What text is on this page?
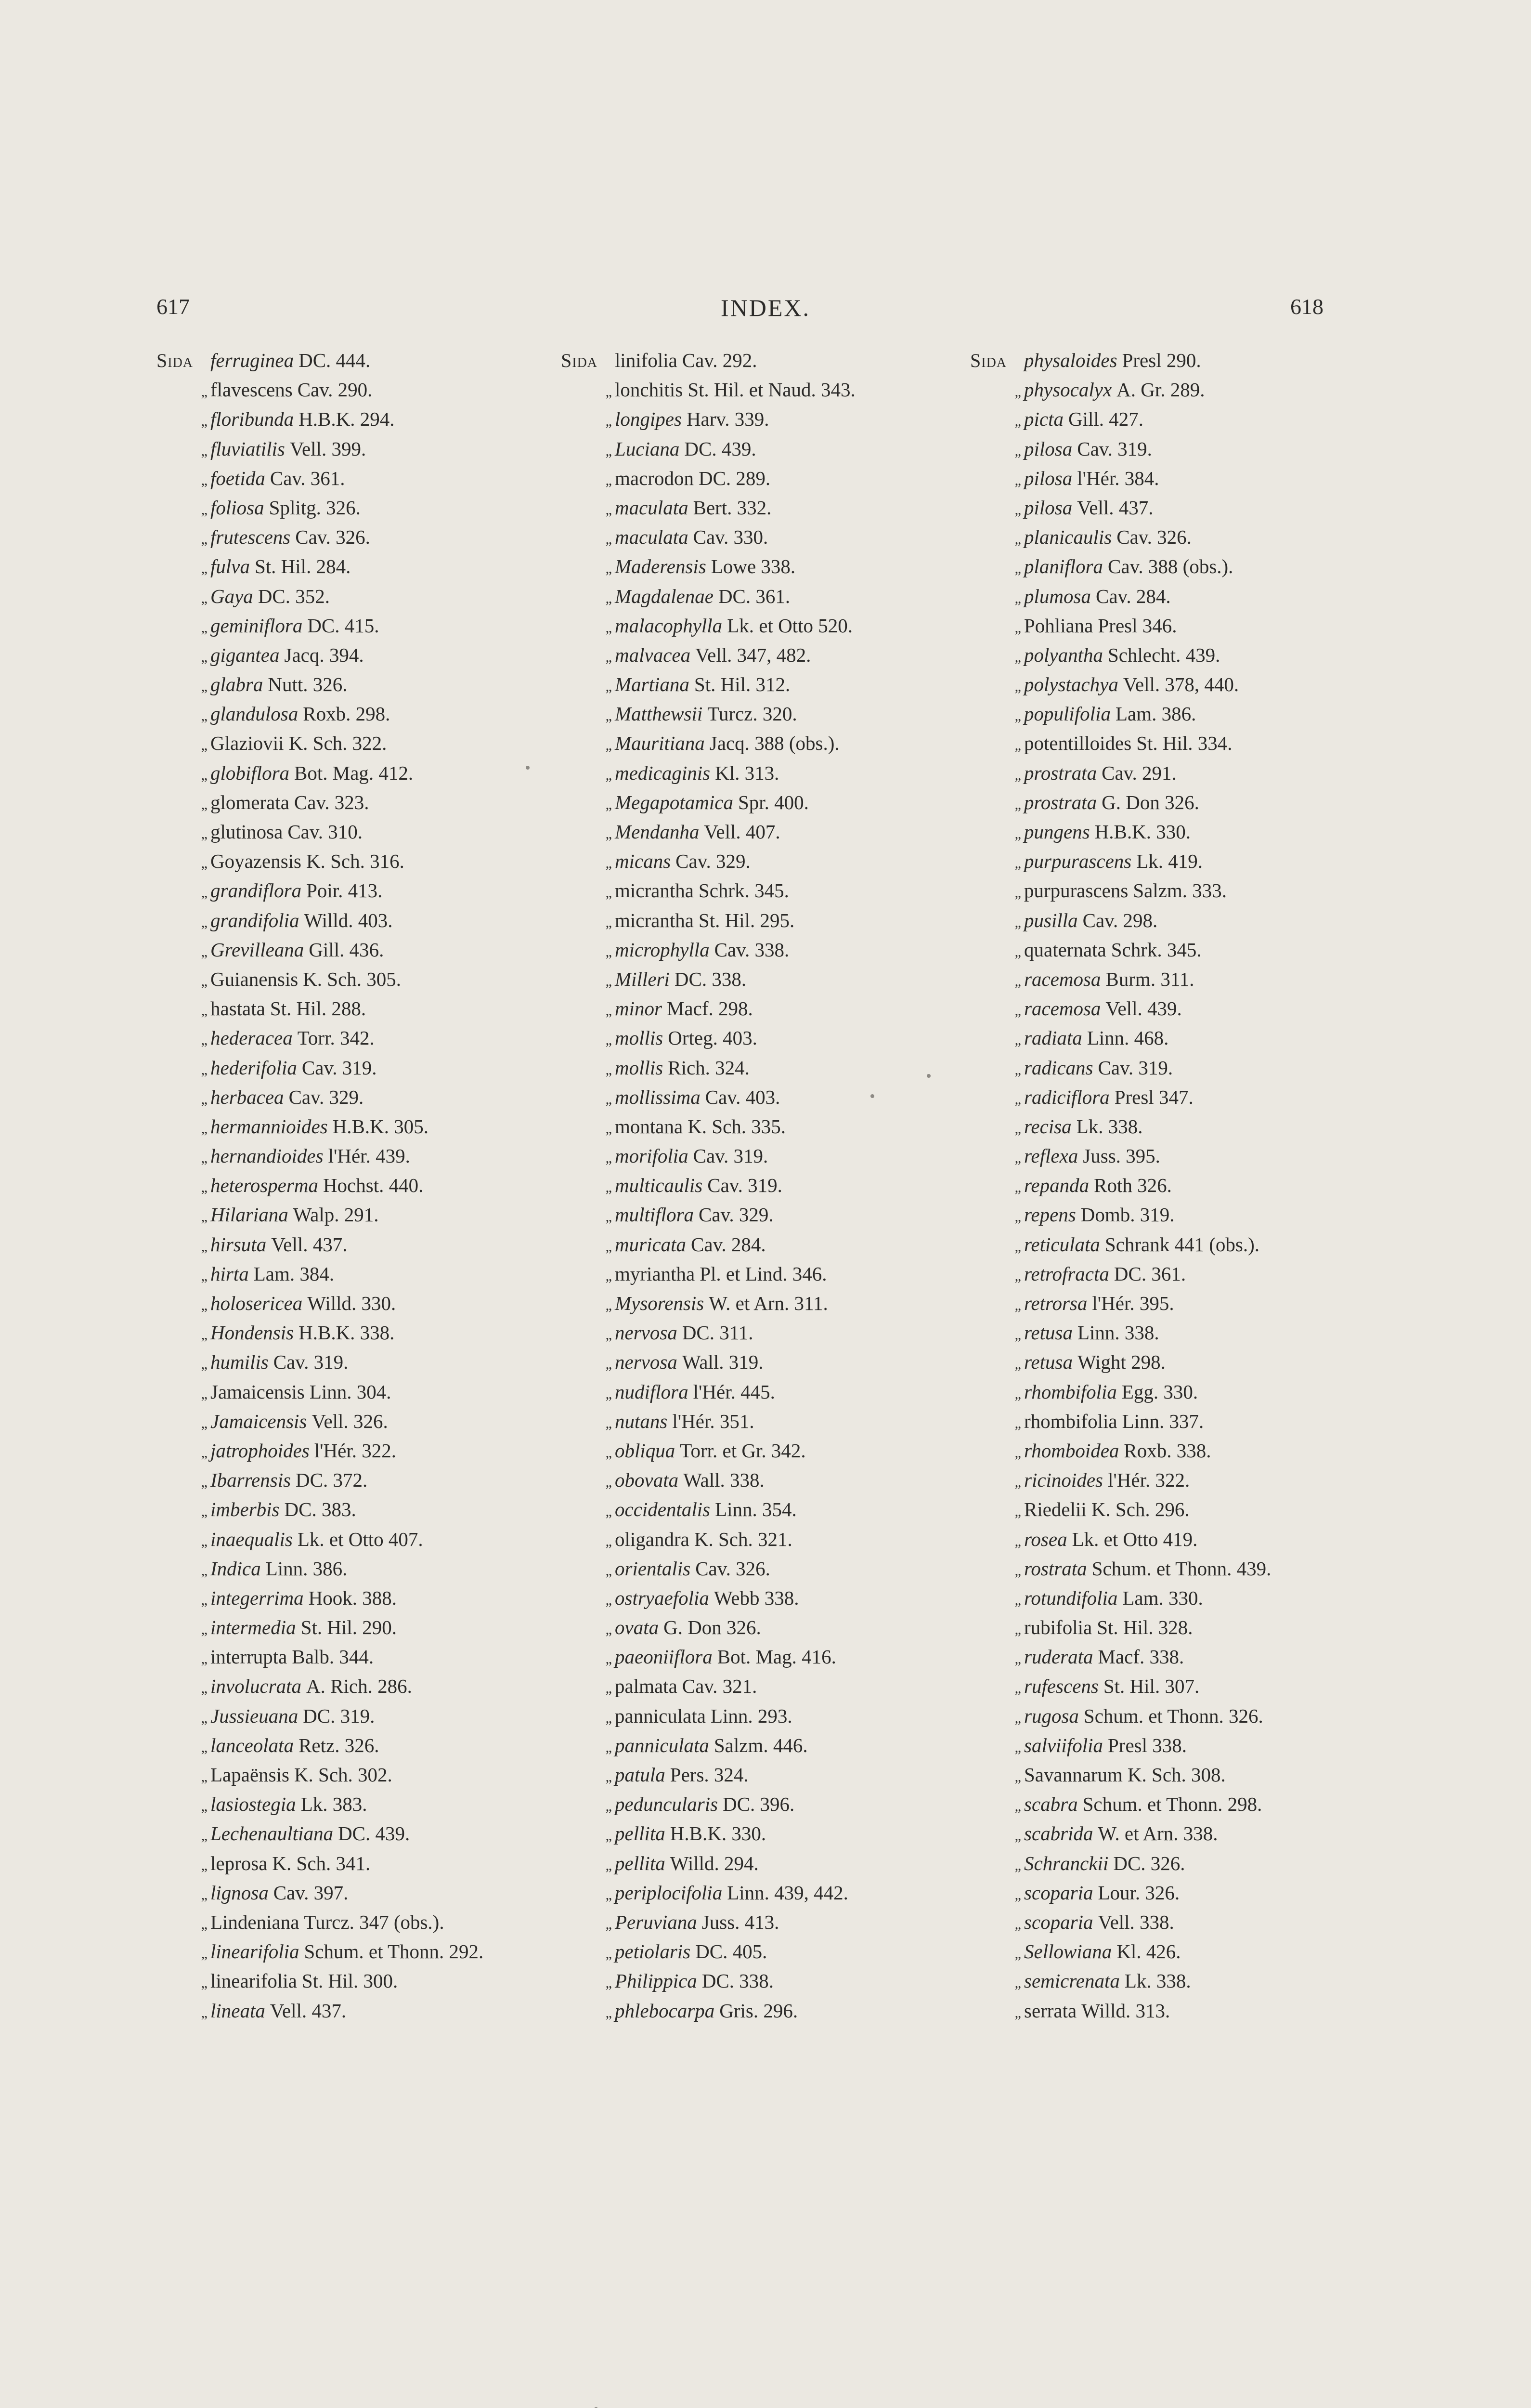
617	INDEX.	618
Sida ferruginea DC. 444.
„ flavescens Cav. 290.
„ floribunda H.B.K. 294.
„ fluviatilis Vell. 399.
„ foetida Cav. 361.
„ foliosa Splitg. 326.
„ frutescens Cav. 326.
„ fulva St. Hil. 284.
„ Gaya DC. 352.
„ geminiflora DC. 415.
„ gigantea Jacq. 394.
„ glabra Nutt. 326.
„ glandulosa Roxb. 298.
„ Glaziovii K. Sch. 322.
„ globiflora Bot. Mag. 412.
„ glomerata Cav. 323.
„ glutinosa Cav. 310.
„ Goyazensis K. Sch. 316.
„ grandiflora Poir. 413.
„ grandifolia Willd. 403.
„ Grevilleana Gill. 436.
„ Guianensis K. Sch. 305.
„ hastata St. Hil. 288.
„ hederacea Torr. 342.
„ hederifolia Cav. 319.
„ herbacea Cav. 329.
„ hermannioides H.B.K. 305.
„ hernandioides l'Hér. 439.
„ heterosperma Hochst. 440.
„ Hilariana Walp. 291.
„ hirsuta Vell. 437.
„ hirta Lam. 384.
„ holosericea Willd. 330.
„ Hondensis H.B.K. 338.
„ humilis Cav. 319.
„ Jamaicensis Linn. 304.
„ Jamaicensis Vell. 326.
„ jatrophoides l'Hér. 322.
„ Ibarrensis DC. 372.
„ imberbis DC. 383.
„ inaequalis Lk. et Otto 407.
„ Indica Linn. 386.
„ integerrima Hook. 388.
„ intermedia St. Hil. 290.
„ interrupta Balb. 344.
„ involucrata A. Rich. 286.
„ Jussieuana DC. 319.
„ lanceolata Retz. 326.
„ Lapaënsis K. Sch. 302.
„ lasiostegia Lk. 383.
„ Lechenaultiana DC. 439.
„ leprosa K. Sch. 341.
„ lignosa Cav. 397.
„ Lindeniana Turcz. 347 (obs.).
„ linearifolia Schum. et Thonn. 292.
„ linearifolia St. Hil. 300.
„ lineata Vell. 437.
Sida linifolia Cav. 292.
„ lonchitis St. Hil. et Naud. 343.
„ longipes Harv. 339.
„ Luciana DC. 439.
„ macrodon DC. 289.
„ maculata Bert. 332.
„ maculata Cav. 330.
„ Maderensis Lowe 338.
„ Magdalenae DC. 361.
„ malacophylla Lk. et Otto 520.
„ malvacea Vell. 347, 482.
„ Martiana St. Hil. 312.
„ Matthewsii Turcz. 320.
„ Mauritiana Jacq. 388 (obs.).
„ medicaginis Kl. 313.
„ Megapotamica Spr. 400.
„ Mendanha Vell. 407.
„ micans Cav. 329.
„ micrantha Schrk. 345.
„ micrantha St. Hil. 295.
„ microphylla Cav. 338.
„ Milleri DC. 338.
„ minor Macf. 298.
„ mollis Orteg. 403.
„ mollis Rich. 324.
„ mollissima Cav. 403.
„ montana K. Sch. 335.
„ morifolia Cav. 319.
„ multicaulis Cav. 319.
„ multiflora Cav. 329.
„ muricata Cav. 284.
„ myriantha Pl. et Lind. 346.
„ Mysorensis W. et Arn. 311.
„ nervosa DC. 311.
„ nervosa Wall. 319.
„ nudiflora l'Hér. 445.
„ nutans l'Hér. 351.
„ obliqua Torr. et Gr. 342.
„ obovata Wall. 338.
„ occidentalis Linn. 354.
„ oligandra K. Sch. 321.
„ orientalis Cav. 326.
„ ostryaefolia Webb 338.
„ ovata G. Don 326.
„ paeoniiflora Bot. Mag. 416.
„ palmata Cav. 321.
„ panniculata Linn. 293.
„ panniculata Salzm. 446.
„ patula Pers. 324.
„ peduncularis DC. 396.
„ pellita H.B.K. 330.
„ pellita Willd. 294.
„ periplocifolia Linn. 439, 442.
„ Peruviana Juss. 413.
„ petiolaris DC. 405.
„ Philippica DC. 338.
„ phlebocarpa Gris. 296.
Sida physaloides Presl 290.
„ physocalyx A. Gr. 289.
„ picta Gill. 427.
„ pilosa Cav. 319.
„ pilosa l'Hér. 384.
„ pilosa Vell. 437.
„ planicaulis Cav. 326.
„ planiflora Cav. 388 (obs.).
„ plumosa Cav. 284.
„ Pohliana Presl 346.
„ polyantha Schlecht. 439.
„ polystachya Vell. 378, 440.
„ populifolia Lam. 386.
„ potentilloides St. Hil. 334.
„ prostrata Cav. 291.
„ prostrata G. Don 326.
„ pungens H.B.K. 330.
„ purpurascens Lk. 419.
„ purpurascens Salzm. 333.
„ pusilla Cav. 298.
„ quaternata Schrk. 345.
„ racemosa Burm. 311.
„ racemosa Vell. 439.
„ radiata Linn. 468.
„ radicans Cav. 319.
„ radiciflora Presl 347.
„ recisa Lk. 338.
„ reflexa Juss. 395.
„ repanda Roth 326.
„ repens Domb. 319.
„ reticulata Schrank 441 (obs.).
„ retrofracta DC. 361.
„ retrorsa l'Hér. 395.
„ retusa Linn. 338.
„ retusa Wight 298.
„ rhombifolia Egg. 330.
„ rhombifolia Linn. 337.
„ rhomboidea Roxb. 338.
„ ricinoides l'Hér. 322.
„ Riedelii K. Sch. 296.
„ rosea Lk. et Otto 419.
„ rostrata Schum. et Thonn. 439.
„ rotundifolia Lam. 330.
„ rubifolia St. Hil. 328.
„ ruderata Macf. 338.
„ rufescens St. Hil. 307.
„ rugosa Schum. et Thonn. 326.
„ salviifolia Presl 338.
„ Savannarum K. Sch. 308.
„ scabra Schum. et Thonn. 298.
„ scabrida W. et Arn. 338.
„ Schranckii DC. 326.
„ scoparia Lour. 326.
„ scoparia Vell. 338.
„ Sellowiana Kl. 426.
„ semicrenata Lk. 338.
„ serrata Willd. 313.
